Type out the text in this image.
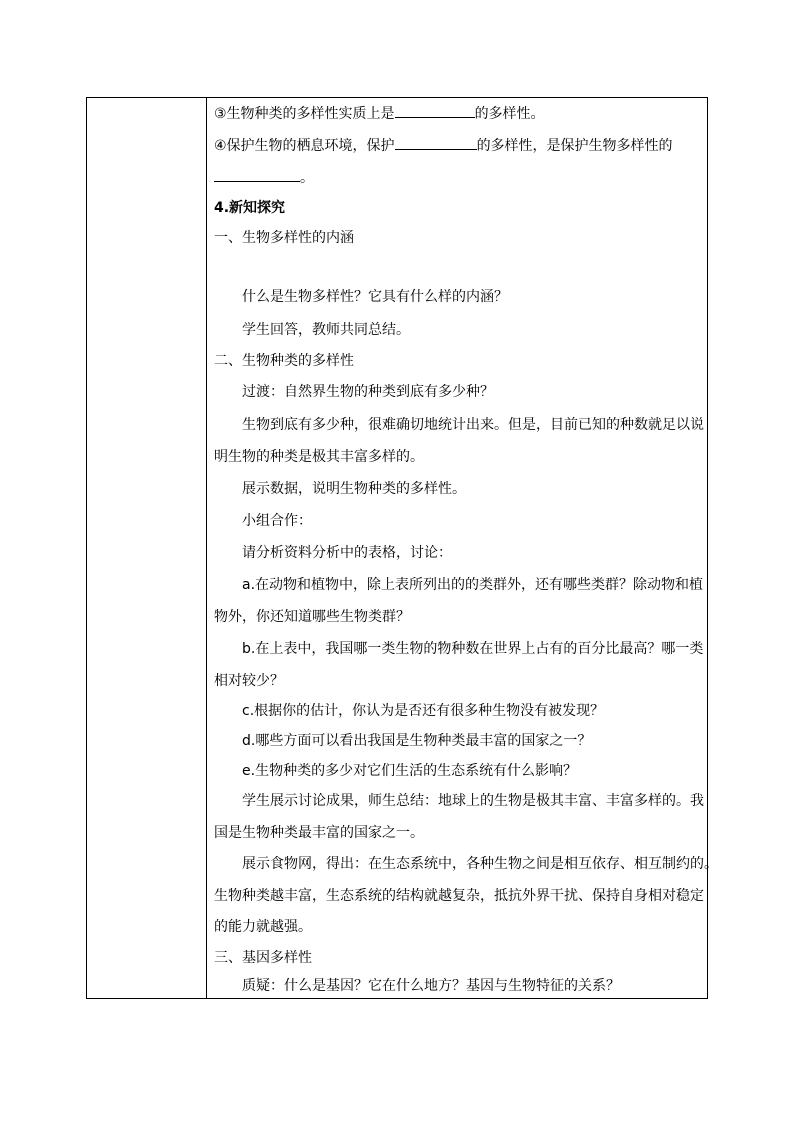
③生物种类的多样性实质上是	的多样性。
④保护生物的栖息环境，保护	的多样性，是保护生物多样性的
。
4.新知探究
一、生物多样性的内涵
什么是生物多样性？它具有什么样的内涵？
学生回答，教师共同总结。
二、生物种类的多样性
过渡：自然界生物的种类到底有多少种？
生物到底有多少种，很难确切地统计出来。但是，目前已知的种数就足以说
明生物的种类是极其丰富多样的。
展示数据，说明生物种类的多样性。
小组合作：
请分析资料分析中的表格，讨论：
a.在动物和植物中，除上表所列出的的类群外，还有哪些类群？除动物和植
物外，你还知道哪些生物类群？
b.在上表中，我国哪一类生物的物种数在世界上占有的百分比最高？哪一类
相对较少？
c.根据你的估计，你认为是否还有很多种生物没有被发现？
d.哪些方面可以看出我国是生物种类最丰富的国家之一？
e.生物种类的多少对它们生活的生态系统有什么影响？
学生展示讨论成果，师生总结：地球上的生物是极其丰富、丰富多样的。我
国是生物种类最丰富的国家之一。
展示食物网，得出：在生态系统中，各种生物之间是相互依存、相互制约的。
生物种类越丰富，生态系统的结构就越复杂，抵抗外界干扰、保持自身相对稳定
的能力就越强。
三、基因多样性
质疑：什么是基因？它在什么地方？基因与生物特征的关系？
